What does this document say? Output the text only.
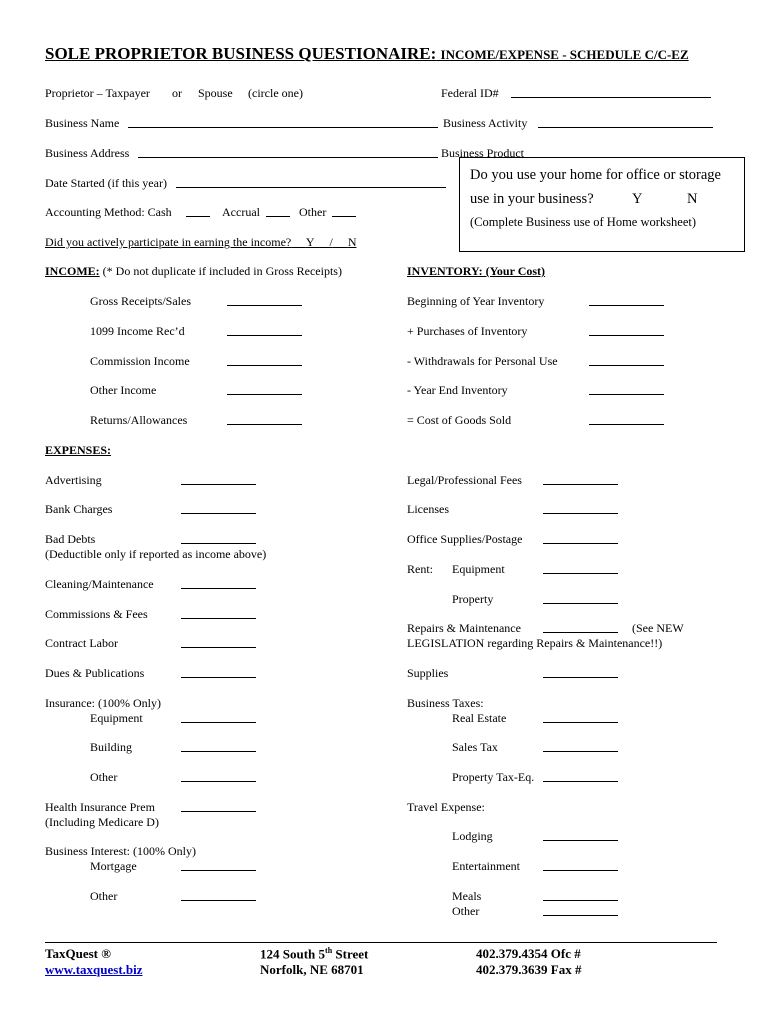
SOLE PROPRIETOR BUSINESS QUESTIONAIRE: INCOME/EXPENSE - SCHEDULE C/C-EZ
Proprietor – Taxpayer or Spouse (circle one)	Federal ID#
Business Name	Business Activity
Business Address	Business Product
Date Started (if this year)
Accounting Method: Cash	Accrual	Other
Did you actively participate in earning the income? Y / N
Do you use your home for office or storage
use in your business?	Y	N
(Complete Business use of Home worksheet)
INCOME: (* Do not duplicate if included in Gross Receipts)
Gross Receipts/Sales
1099 Income Rec’d
Commission Income
Other Income
Returns/Allowances
INVENTORY: (Your Cost)
Beginning of Year Inventory
+ Purchases of Inventory
- Withdrawals for Personal Use
- Year End Inventory
= Cost of Goods Sold
EXPENSES:
Advertising
Bank Charges
Bad Debts
(Deductible only if reported as income above)
Cleaning/Maintenance
Commissions & Fees
Contract Labor
Dues & Publications
Insurance: (100% Only)
Equipment
Building
Other
Health Insurance Prem
(Including Medicare D)
Business Interest: (100% Only)
Mortgage
Other
Legal/Professional Fees
Licenses
Office Supplies/Postage
Rent: Equipment
Property
Repairs & Maintenance	(See NEW
LEGISLATION regarding Repairs & Maintenance!!)
Supplies
Business Taxes:
Real Estate
Sales Tax
Property Tax-Eq.
Travel Expense:
Lodging
Entertainment
Meals
Other
TaxQuest ®
www.taxquest.biz
124 South 5th Street
Norfolk, NE 68701
402.379.4354 Ofc #
402.379.3639 Fax #
